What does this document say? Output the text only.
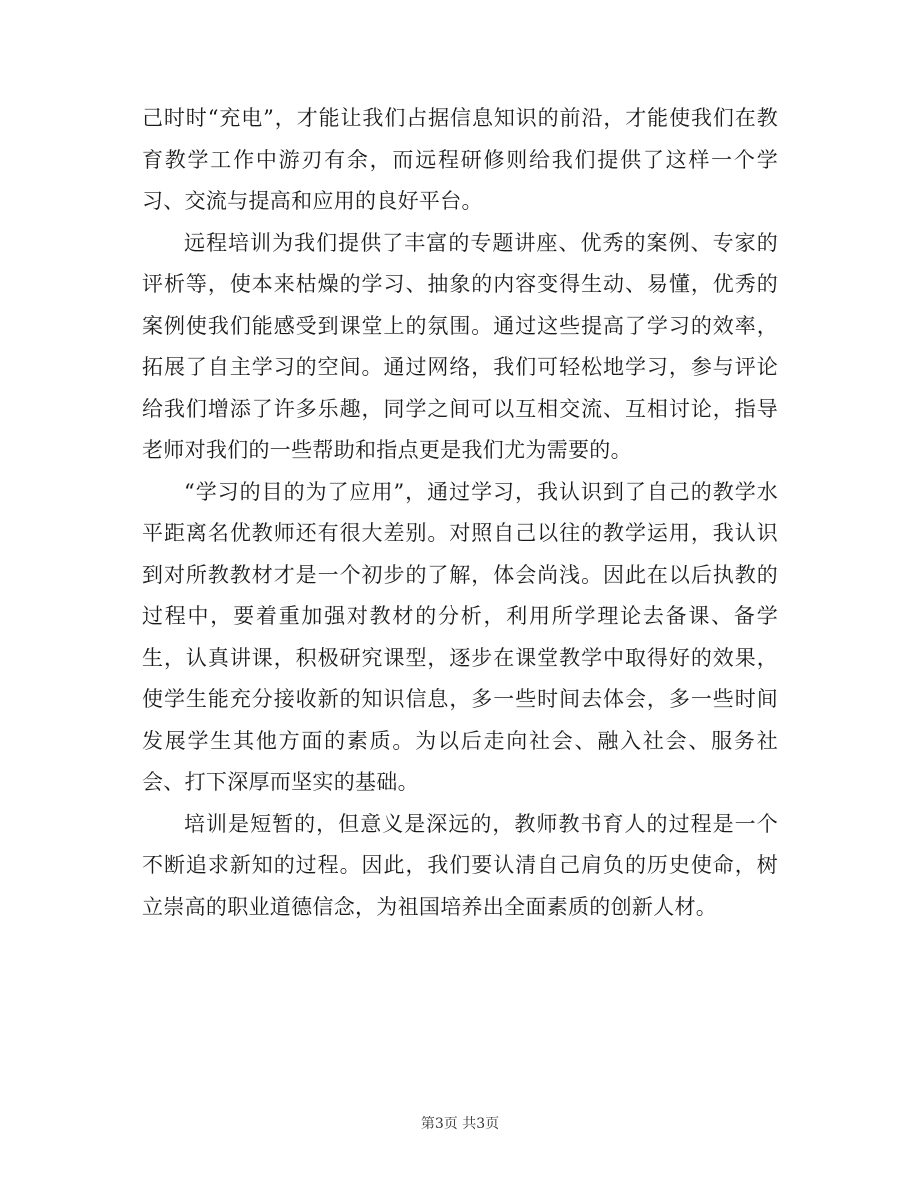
己时时“充电”，才能让我们占据信息知识的前沿，才能使我们在教育教学工作中游刃有余，而远程研修则给我们提供了这样一个学习、交流与提高和应用的良好平台。

远程培训为我们提供了丰富的专题讲座、优秀的案例、专家的评析等，使本来枯燥的学习、抽象的内容变得生动、易懂，优秀的案例使我们能感受到课堂上的氛围。通过这些提高了学习的效率，拓展了自主学习的空间。通过网络，我们可轻松地学习，参与评论给我们增添了许多乐趣，同学之间可以互相交流、互相讨论，指导老师对我们的一些帮助和指点更是我们尤为需要的。

“学习的目的为了应用”，通过学习，我认识到了自己的教学水平距离名优教师还有很大差别。对照自己以往的教学运用，我认识到对所教教材才是一个初步的了解，体会尚浅。因此在以后执教的过程中，要着重加强对教材的分析，利用所学理论去备课、备学生，认真讲课，积极研究课型，逐步在课堂教学中取得好的效果，使学生能充分接收新的知识信息，多一些时间去体会，多一些时间发展学生其他方面的素质。为以后走向社会、融入社会、服务社会、打下深厚而坚实的基础。

培训是短暂的，但意义是深远的，教师教书育人的过程是一个不断追求新知的过程。因此，我们要认清自己肩负的历史使命，树立崇高的职业道德信念，为祖国培养出全面素质的创新人材。

第3页 共3页
